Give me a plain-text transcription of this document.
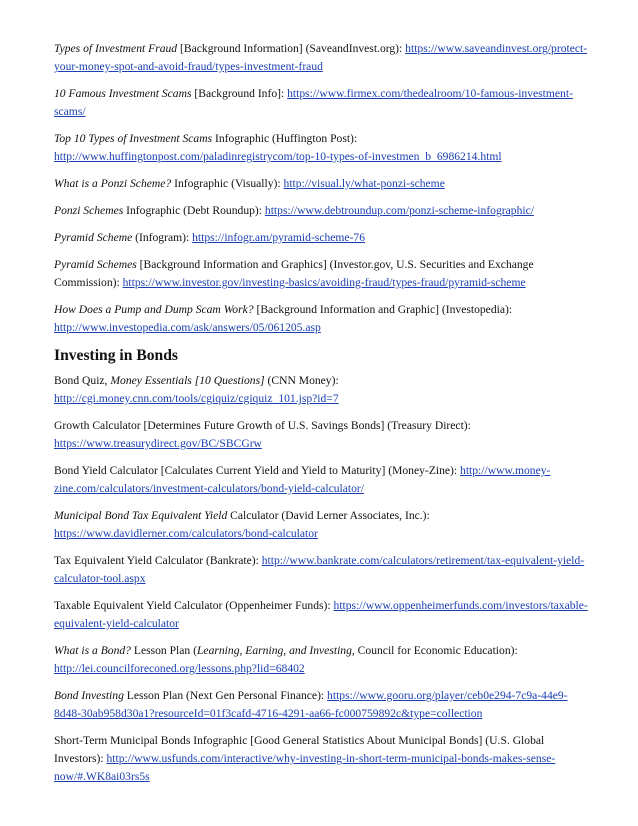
Types of Investment Fraud [Background Information] (SaveandInvest.org): https://www.saveandinvest.org/protect-your-money-spot-and-avoid-fraud/types-investment-fraud

10 Famous Investment Scams [Background Info]: https://www.firmex.com/thedealroom/10-famous-investment-scams/

Top 10 Types of Investment Scams Infographic (Huffington Post): http://www.huffingtonpost.com/paladinregistrycom/top-10-types-of-investmen_b_6986214.html

What is a Ponzi Scheme? Infographic (Visually): http://visual.ly/what-ponzi-scheme

Ponzi Schemes Infographic (Debt Roundup): https://www.debtroundup.com/ponzi-scheme-infographic/

Pyramid Scheme (Infogram): https://infogr.am/pyramid-scheme-76

Pyramid Schemes [Background Information and Graphics] (Investor.gov, U.S. Securities and Exchange Commission): https://www.investor.gov/investing-basics/avoiding-fraud/types-fraud/pyramid-scheme

How Does a Pump and Dump Scam Work? [Background Information and Graphic] (Investopedia): http://www.investopedia.com/ask/answers/05/061205.asp

Investing in Bonds

Bond Quiz, Money Essentials [10 Questions] (CNN Money): http://cgi.money.cnn.com/tools/cgiquiz/cgiquiz_101.jsp?id=7

Growth Calculator [Determines Future Growth of U.S. Savings Bonds] (Treasury Direct): https://www.treasurydirect.gov/BC/SBCGrw

Bond Yield Calculator [Calculates Current Yield and Yield to Maturity] (Money-Zine): http://www.money-zine.com/calculators/investment-calculators/bond-yield-calculator/

Municipal Bond Tax Equivalent Yield Calculator (David Lerner Associates, Inc.): https://www.davidlerner.com/calculators/bond-calculator

Tax Equivalent Yield Calculator (Bankrate): http://www.bankrate.com/calculators/retirement/tax-equivalent-yield-calculator-tool.aspx

Taxable Equivalent Yield Calculator (Oppenheimer Funds): https://www.oppenheimerfunds.com/investors/taxable-equivalent-yield-calculator

What is a Bond? Lesson Plan (Learning, Earning, and Investing, Council for Economic Education): http://lei.councilforeconed.org/lessons.php?lid=68402

Bond Investing Lesson Plan (Next Gen Personal Finance): https://www.gooru.org/player/ceb0e294-7c9a-44e9-8d48-30ab958d30a1?resourceId=01f3cafd-4716-4291-aa66-fc000759892c&type=collection

Short-Term Municipal Bonds Infographic [Good General Statistics About Municipal Bonds] (U.S. Global Investors): http://www.usfunds.com/interactive/why-investing-in-short-term-municipal-bonds-makes-sense-now/#.WK8ai03rs5s
